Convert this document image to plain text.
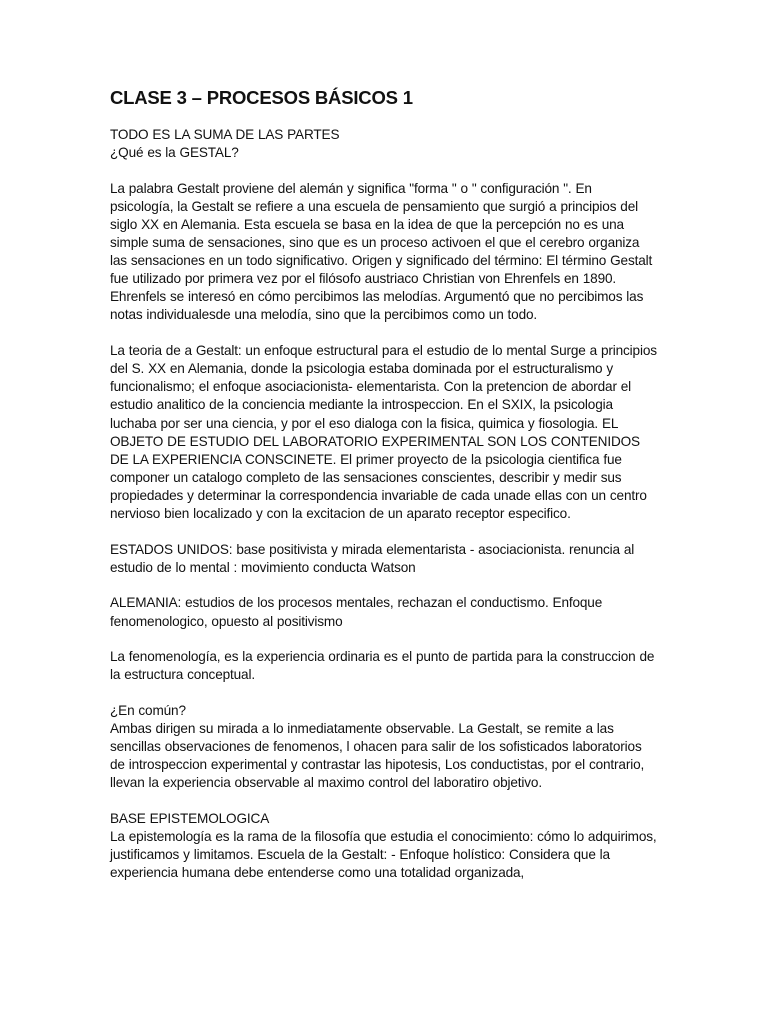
CLASE 3 – PROCESOS BÁSICOS 1
TODO ES LA SUMA DE LAS PARTES
¿Qué es la GESTAL?
La palabra Gestalt proviene del alemán y significa "forma " o " configuración ". En psicología, la Gestalt se refiere a una escuela de pensamiento que surgió a principios del siglo XX en Alemania. Esta escuela se basa en la idea de que la percepción no es una simple suma de sensaciones, sino que es un proceso activoen el que el cerebro organiza las sensaciones en un todo significativo. Origen y significado del término: El término Gestalt fue utilizado por primera vez por el filósofo austriaco Christian von Ehrenfels en 1890. Ehrenfels se interesó en cómo percibimos las melodías. Argumentó que no percibimos las notas individualesde una melodía, sino que la percibimos como un todo.
La teoria de a Gestalt: un enfoque estructural para el estudio de lo mental Surge a principios del S. XX en Alemania, donde la psicologia estaba dominada por el estructuralismo y funcionalismo; el enfoque asociacionista- elementarista. Con la pretencion de abordar el estudio analitico de la conciencia mediante la introspeccion. En el SXIX, la psicologia luchaba por ser una ciencia, y por el eso dialoga con la fisica, quimica y fiosologia. EL OBJETO DE ESTUDIO DEL LABORATORIO EXPERIMENTAL SON LOS CONTENIDOS DE LA EXPERIENCIA CONSCINETE. El primer proyecto de la psicologia cientifica fue componer un catalogo completo de las sensaciones conscientes, describir y medir sus propiedades y determinar la correspondencia invariable de cada unade ellas con un centro nervioso bien localizado y con la excitacion de un aparato receptor especifico.
ESTADOS UNIDOS: base positivista y mirada elementarista - asociacionista. renuncia al estudio de lo mental : movimiento conducta Watson
ALEMANIA: estudios de los procesos mentales, rechazan el conductismo. Enfoque fenomenologico, opuesto al positivismo
La fenomenología, es la experiencia ordinaria es el punto de partida para la construccion de la estructura conceptual.
¿En común?
Ambas dirigen su mirada a lo inmediatamente observable. La Gestalt, se remite a las sencillas observaciones de fenomenos, l ohacen para salir de los sofisticados laboratorios de introspeccion experimental y contrastar las hipotesis, Los conductistas, por el contrario, llevan la experiencia observable al maximo control del laboratiro objetivo.
BASE EPISTEMOLOGICA
La epistemología es la rama de la filosofía que estudia el conocimiento: cómo lo adquirimos, justificamos y limitamos. Escuela de la Gestalt: - Enfoque holístico: Considera que la experiencia humana debe entenderse como una totalidad organizada,
